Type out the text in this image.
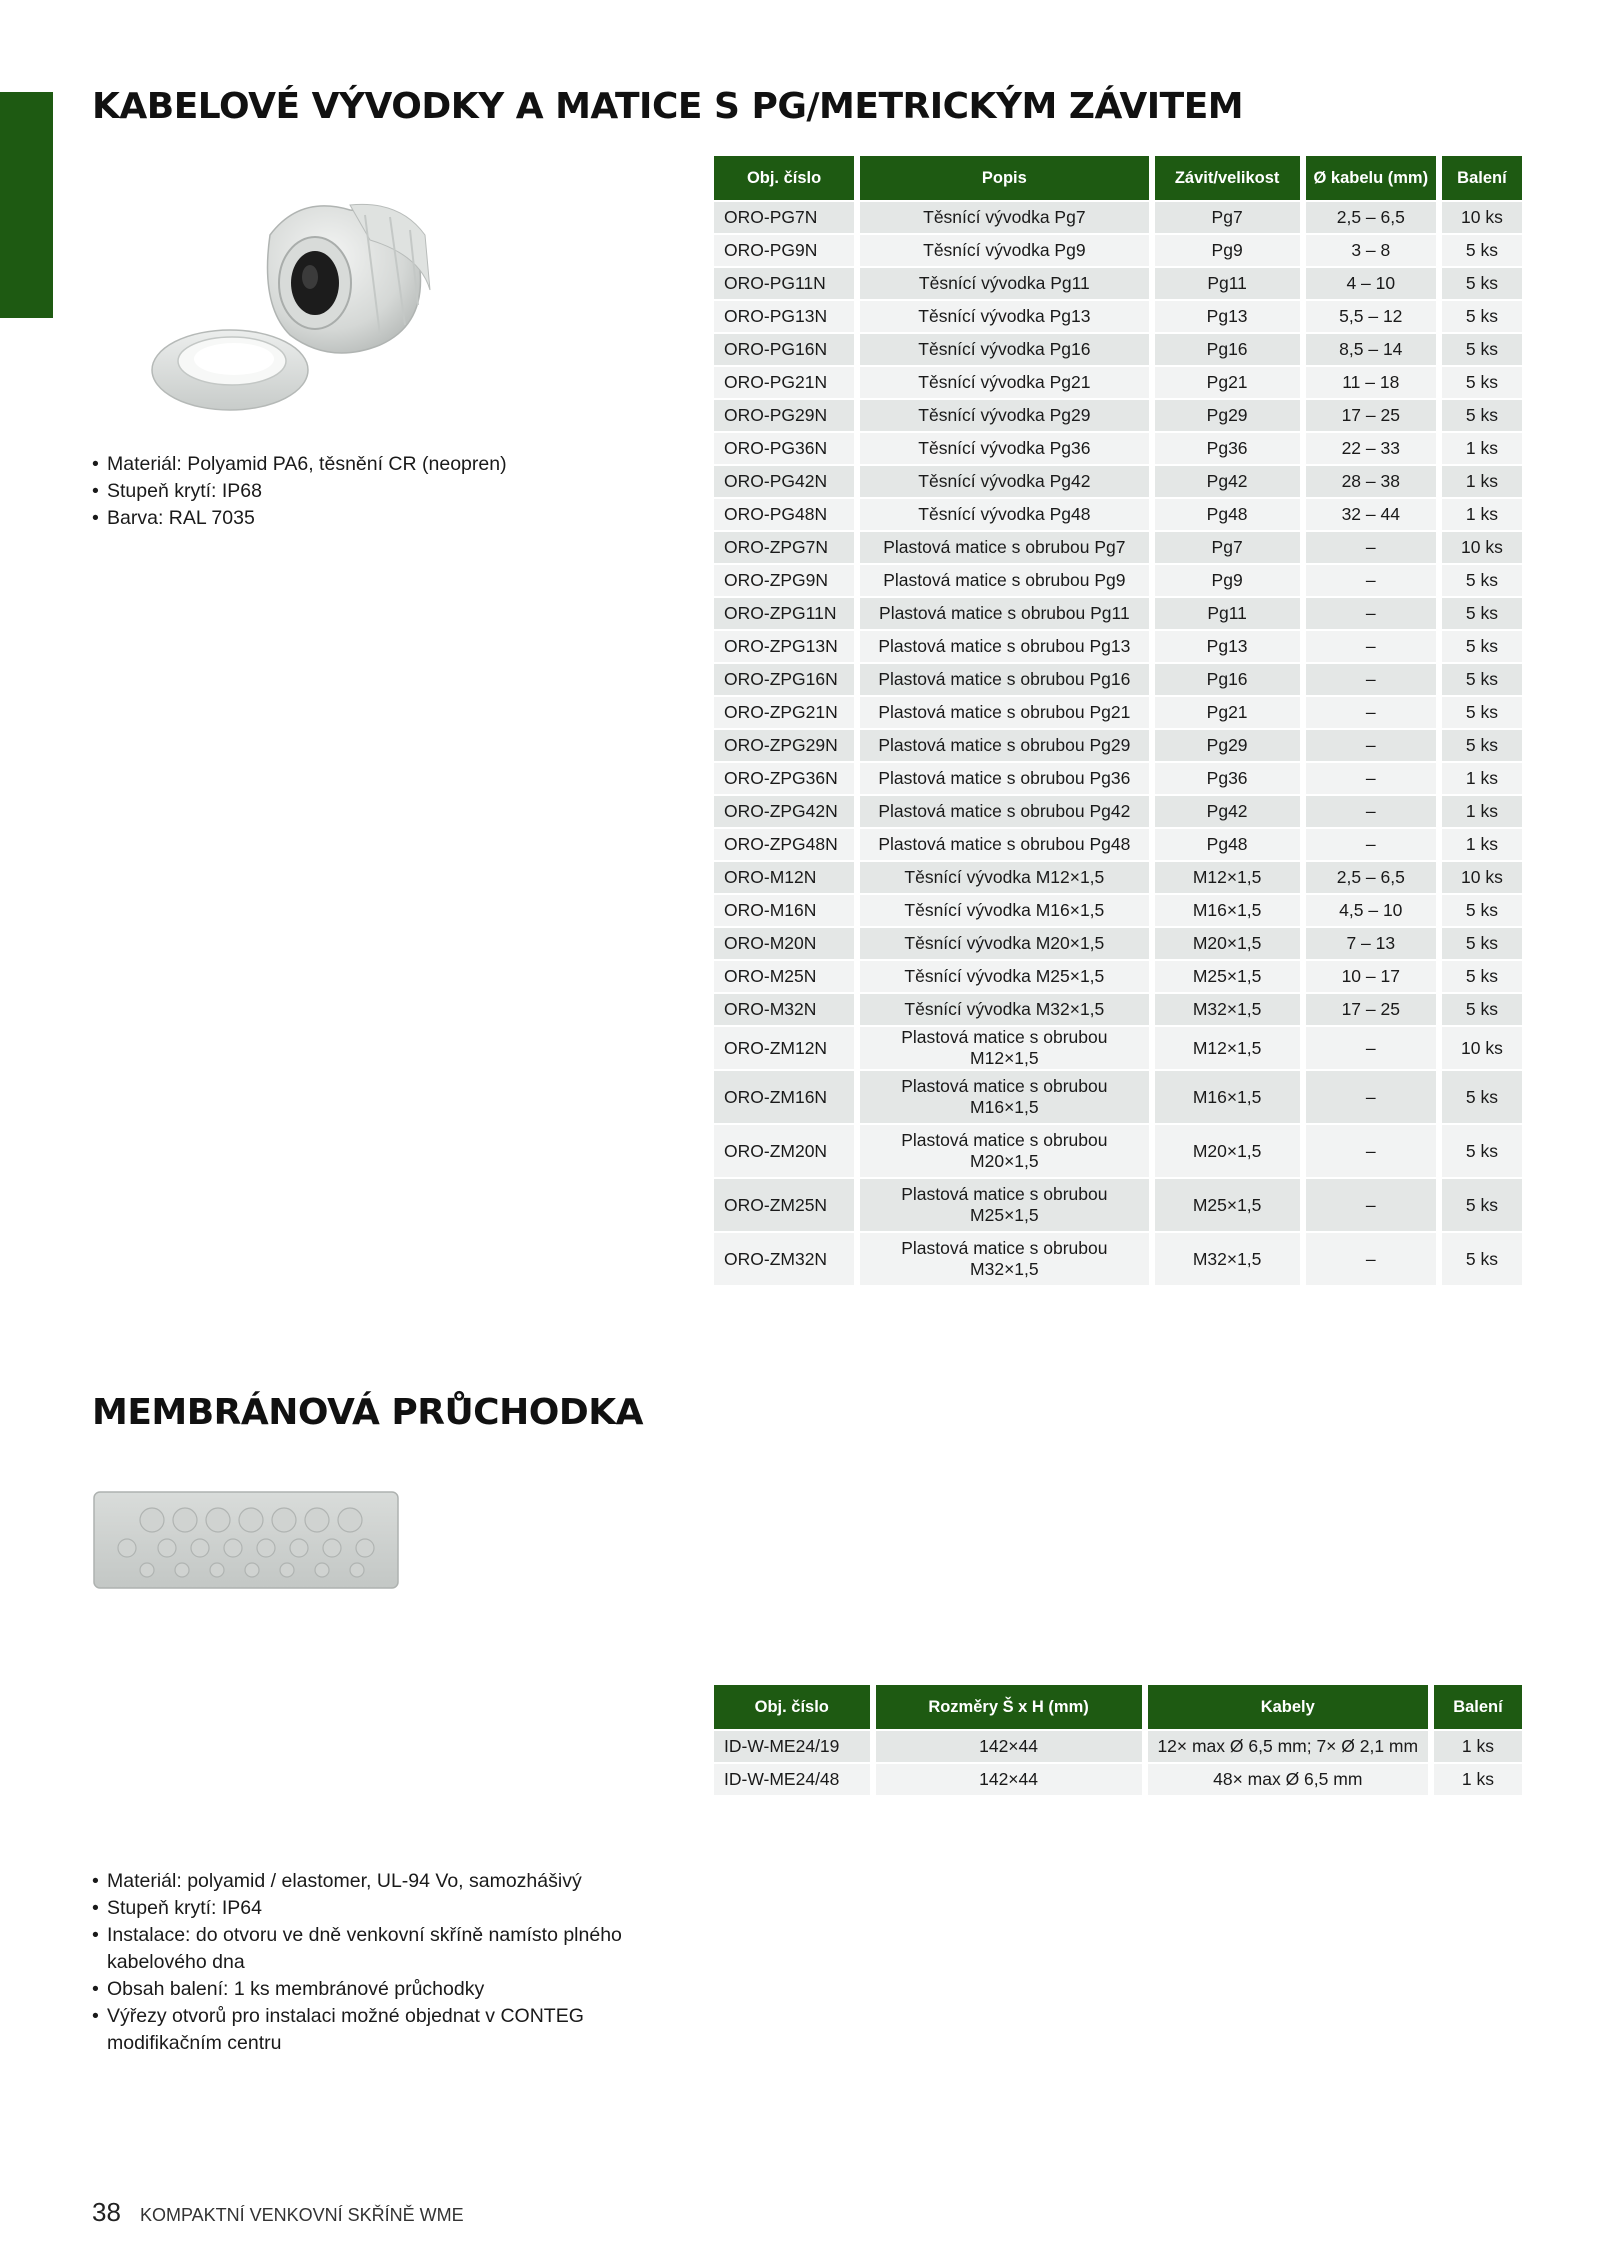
KABELOVÉ VÝVODKY A MATICE S PG/METRICKÝM ZÁVITEM
• Materiál: Polyamid PA6, těsnění CR (neopren)
• Stupeň krytí: IP68
• Barva: RAL 7035
Obj. číslo	Popis	Závit/velikost	Ø kabelu (mm)	Balení
ORO-PG7N	Těsnící vývodka Pg7	Pg7	2,5 – 6,5	10 ks
ORO-PG9N	Těsnící vývodka Pg9	Pg9	3 – 8	5 ks
ORO-PG11N	Těsnící vývodka Pg11	Pg11	4 – 10	5 ks
ORO-PG13N	Těsnící vývodka Pg13	Pg13	5,5 – 12	5 ks
ORO-PG16N	Těsnící vývodka Pg16	Pg16	8,5 – 14	5 ks
ORO-PG21N	Těsnící vývodka Pg21	Pg21	11 – 18	5 ks
ORO-PG29N	Těsnící vývodka Pg29	Pg29	17 – 25	5 ks
ORO-PG36N	Těsnící vývodka Pg36	Pg36	22 – 33	1 ks
ORO-PG42N	Těsnící vývodka Pg42	Pg42	28 – 38	1 ks
ORO-PG48N	Těsnící vývodka Pg48	Pg48	32 – 44	1 ks
ORO-ZPG7N	Plastová matice s obrubou Pg7	Pg7	–	10 ks
ORO-ZPG9N	Plastová matice s obrubou Pg9	Pg9	–	5 ks
ORO-ZPG11N	Plastová matice s obrubou Pg11	Pg11	–	5 ks
ORO-ZPG13N	Plastová matice s obrubou Pg13	Pg13	–	5 ks
ORO-ZPG16N	Plastová matice s obrubou Pg16	Pg16	–	5 ks
ORO-ZPG21N	Plastová matice s obrubou Pg21	Pg21	–	5 ks
ORO-ZPG29N	Plastová matice s obrubou Pg29	Pg29	–	5 ks
ORO-ZPG36N	Plastová matice s obrubou Pg36	Pg36	–	1 ks
ORO-ZPG42N	Plastová matice s obrubou Pg42	Pg42	–	1 ks
ORO-ZPG48N	Plastová matice s obrubou Pg48	Pg48	–	1 ks
ORO-M12N	Těsnící vývodka M12×1,5	M12×1,5	2,5 – 6,5	10 ks
ORO-M16N	Těsnící vývodka M16×1,5	M16×1,5	4,5 – 10	5 ks
ORO-M20N	Těsnící vývodka M20×1,5	M20×1,5	7 – 13	5 ks
ORO-M25N	Těsnící vývodka M25×1,5	M25×1,5	10 – 17	5 ks
ORO-M32N	Těsnící vývodka M32×1,5	M32×1,5	17 – 25	5 ks
ORO-ZM12N	Plastová matice s obrubou M12×1,5	M12×1,5	–	10 ks
ORO-ZM16N	Plastová matice s obrubou M16×1,5	M16×1,5	–	5 ks
ORO-ZM20N	Plastová matice s obrubou M20×1,5	M20×1,5	–	5 ks
ORO-ZM25N	Plastová matice s obrubou M25×1,5	M25×1,5	–	5 ks
ORO-ZM32N	Plastová matice s obrubou M32×1,5	M32×1,5	–	5 ks
MEMBRÁNOVÁ PRŮCHODKA
Obj. číslo	Rozměry Š x H (mm)	Kabely	Balení
ID-W-ME24/19	142×44	12× max Ø 6,5 mm; 7× Ø 2,1 mm	1 ks
ID-W-ME24/48	142×44	48× max Ø 6,5 mm	1 ks
• Materiál: polyamid / elastomer, UL-94 Vo, samozhášivý
• Stupeň krytí: IP64
• Instalace: do otvoru ve dně venkovní skříně namísto plného kabelového dna
• Obsah balení: 1 ks membránové průchodky
• Výřezy otvorů pro instalaci možné objednat v CONTEG modifikačním centru
38 KOMPAKTNÍ VENKOVNÍ SKŘÍNĚ WME
